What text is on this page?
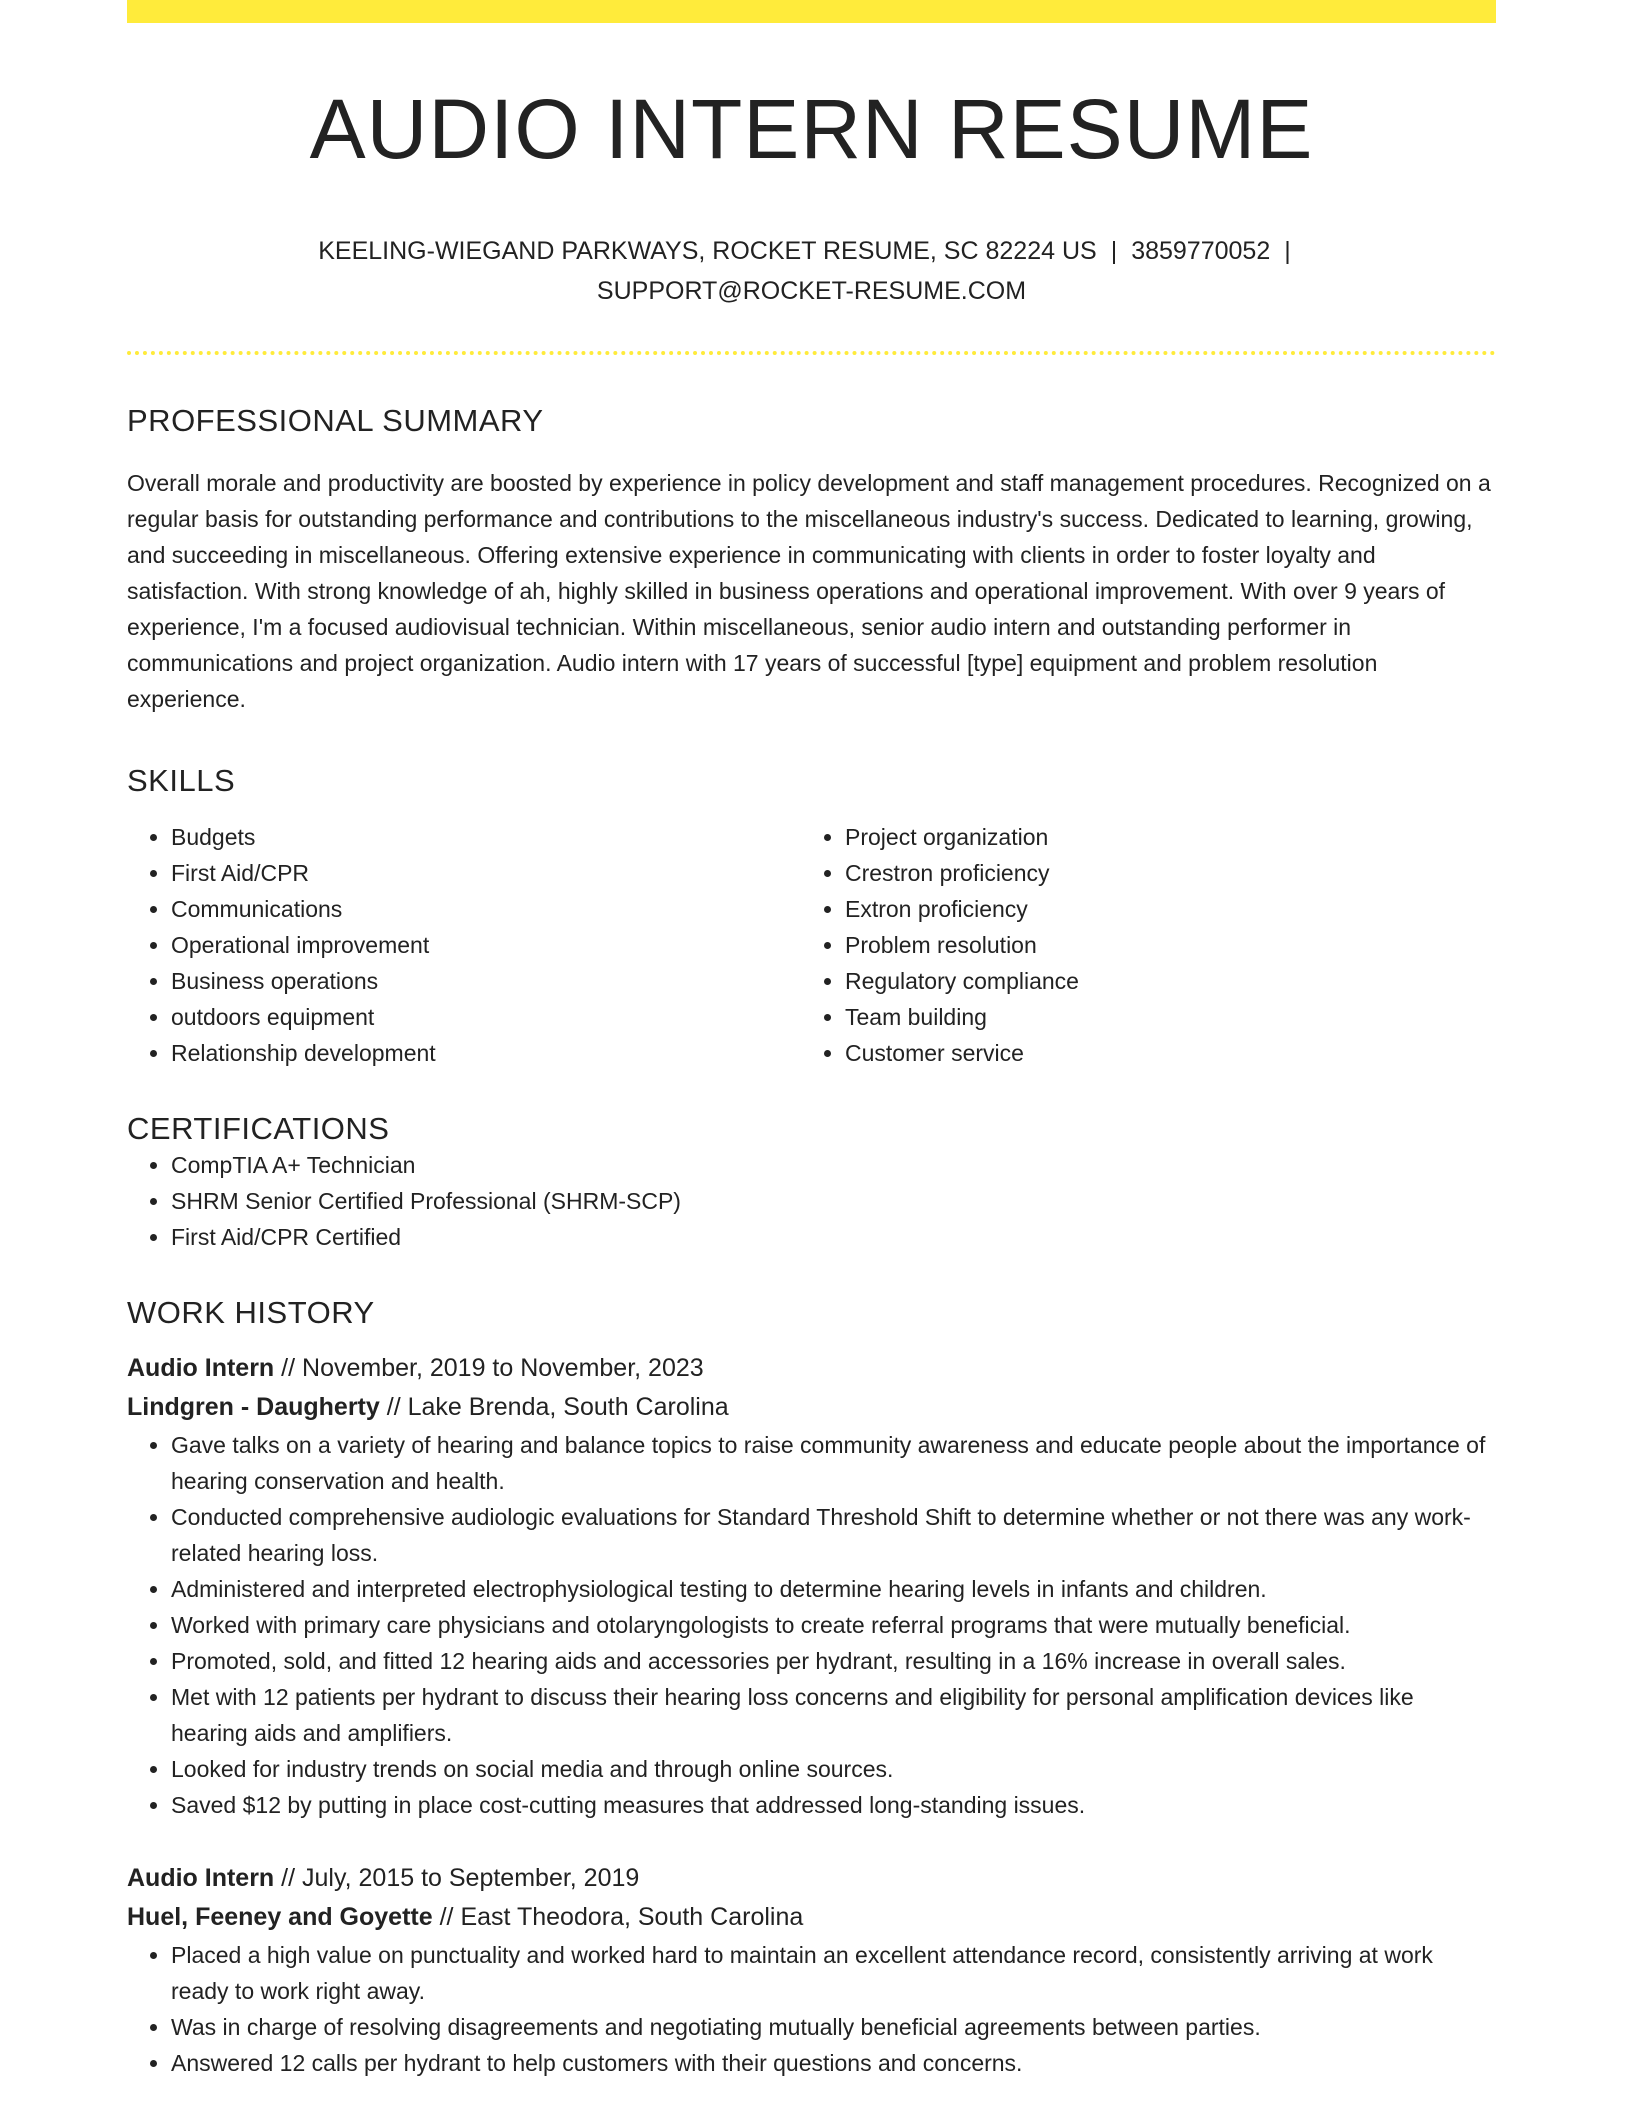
AUDIO INTERN RESUME
KEELING-WIEGAND PARKWAYS, ROCKET RESUME, SC 82224 US | 3859770052 |
SUPPORT@ROCKET-RESUME.COM
PROFESSIONAL SUMMARY

Overall morale and productivity are boosted by experience in policy development and staff management procedures. Recognized on a regular basis for outstanding performance and contributions to the miscellaneous industry's success. Dedicated to learning, growing, and succeeding in miscellaneous. Offering extensive experience in communicating with clients in order to foster loyalty and satisfaction. With strong knowledge of ah, highly skilled in business operations and operational improvement. With over 9 years of experience, I'm a focused audiovisual technician. Within miscellaneous, senior audio intern and outstanding performer in communications and project organization. Audio intern with 17 years of successful [type] equipment and problem resolution experience.

SKILLS
• Budgets
• First Aid/CPR
• Communications
• Operational improvement
• Business operations
• outdoors equipment
• Relationship development
• Project organization
• Crestron proficiency
• Extron proficiency
• Problem resolution
• Regulatory compliance
• Team building
• Customer service
CERTIFICATIONS
• CompTIA A+ Technician
• SHRM Senior Certified Professional (SHRM-SCP)
• First Aid/CPR Certified
WORK HISTORY
Audio Intern // November, 2019 to November, 2023
Lindgren - Daugherty // Lake Brenda, South Carolina
• Gave talks on a variety of hearing and balance topics to raise community awareness and educate people about the importance of hearing conservation and health.
• Conducted comprehensive audiologic evaluations for Standard Threshold Shift to determine whether or not there was any work-related hearing loss.
• Administered and interpreted electrophysiological testing to determine hearing levels in infants and children.
• Worked with primary care physicians and otolaryngologists to create referral programs that were mutually beneficial.
• Promoted, sold, and fitted 12 hearing aids and accessories per hydrant, resulting in a 16% increase in overall sales.
• Met with 12 patients per hydrant to discuss their hearing loss concerns and eligibility for personal amplification devices like hearing aids and amplifiers.
• Looked for industry trends on social media and through online sources.
• Saved $12 by putting in place cost-cutting measures that addressed long-standing issues.
Audio Intern // July, 2015 to September, 2019
Huel, Feeney and Goyette // East Theodora, South Carolina
• Placed a high value on punctuality and worked hard to maintain an excellent attendance record, consistently arriving at work ready to work right away.
• Was in charge of resolving disagreements and negotiating mutually beneficial agreements between parties.
• Answered 12 calls per hydrant to help customers with their questions and concerns.
